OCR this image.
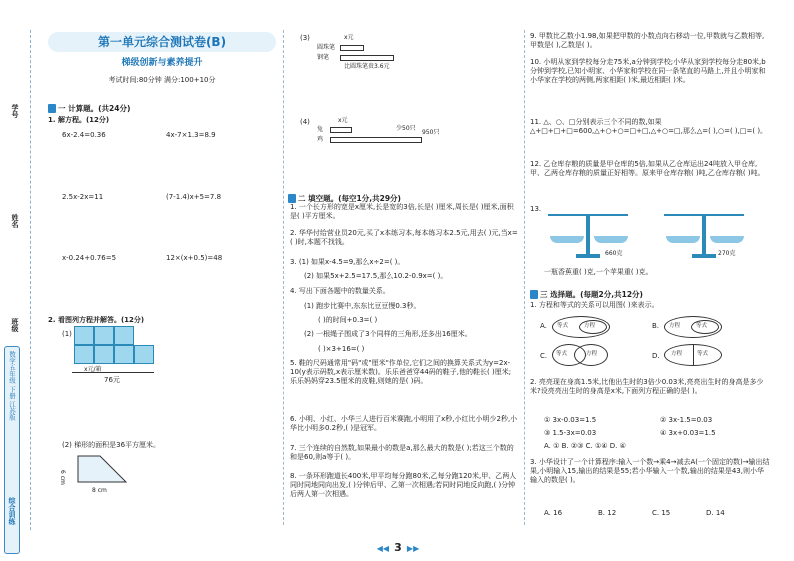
学号
姓名
班级
综合训练
数学五年级 下册 江苏版
第一单元综合测试卷(B)
梯级创新与素养提升
考试时间:80分钟 满分:100+10分
一 计算题。(共24分)
1. 解方程。(12分)
6x-2.4=0.36	4x-7×1.3=8.9
2.5x-2x=11	(7-1.4)x+5=7.8
x-0.24+0.76=5	12×(x+0.5)=48
2. 看图列方程并解答。(12分)
(1)
x元/箱
76元
(2) 梯形的面积是36平方厘米。
6 cm
8 cm
(3)	x元
圆珠笔
钢笔
比圆珠笔贵3.6元
(4)	x元
兔
鸡
少50只
950只
二 填空题。(每空1分,共29分)
1. 一个长方形的宽是x厘米,长是宽的3倍,长是( )厘米,周长是( )厘米,面积是( )平方厘米。
2. 华华付给营业员20元,买了x本练习本,每本练习本2.5元,用去( )元,当x=( )时,本题不找钱。
3. (1) 如果x-4.5=9,那么x÷2=( )。
(2) 如果5x+2.5=17.5,那么10.2-0.9x=( )。
4. 写出下面各题中的数量关系。
(1) 跑步比赛中,东东比豆豆慢0.3秒。
( )的时间+0.3=( )
(2) 一根绳子围成了3个同样的三角形,还多出16厘米。
( )×3+16=( )
5. 鞋的尺码通常用"码"或"厘米"作单位,它们之间的换算关系式为y=2x-10(y表示码数,x表示厘米数)。乐乐爸爸穿44码的鞋子,他的鞋长( )厘米;乐乐妈妈穿23.5厘米的皮鞋,则她的是( )码。
6. 小明、小红、小华三人进行百米赛跑,小明用了x秒,小红比小明少2秒,小华比小明多0.2秒,( )是冠军。
7. 三个连续的自然数,如果最小的数是a,那么最大的数是( );若这三个数的和是60,则a等于( )。
8. 一条环形跑道长400米,甲平均每分跑80米,乙每分跑120米,甲、乙两人同时同地同向出发,( )分钟后甲、乙第一次相遇;若同时同地反向跑,( )分钟后两人第一次相遇。
9. 甲数比乙数小1.98,如果把甲数的小数点向右移动一位,甲数就与乙数相等,甲数是( ),乙数是( )。
10. 小明从家到学校每分走75米,a分钟到学校;小华从家到学校每分走80米,b分钟到学校,已知小明家、小华家和学校在同一条笔直的马路上,并且小明家和小华家在学校的两侧,两家相距( )米,最近相距( )米。
11. △、○、□分别表示三个不同的数,如果△+□+□+□=600,△+○+○=□+□,△+○=□,那么△=( ),○=( ),□=( )。
12. 乙仓库存粮的质量是甲仓库的5倍,如果从乙仓库运出24吨放入甲仓库,甲、乙两仓库存粮的质量正好相等。原来甲仓库存粮( )吨,乙仓库存粮( )吨。
13.
660克	270克
一瓶香蕉重( )克,一个苹果重( )克。
三 选择题。(每题2分,共12分)
1. 方程和等式的关系可以用图( )来表示。
A. 等式	方程	B. 方程	等式
C. 等式	方程	D. 方程	等式
2. 亮亮现在身高1.5米,比他出生时的3倍少0.03米,亮亮出生时的身高是多少米?设亮亮出生时的身高是x米,下面列方程正确的是( )。
① 3x-0.03=1.5	② 3x-1.5=0.03
③ 1.5-3x=0.03	④ 3x+0.03=1.5
A. ① B. ②③ C. ①④ D. ④
3. 小华设计了一个计算程序:输入一个数→乘4→减去A(一个固定的数)→输出结果,小明输入15,输出的结果是55;若小华输入一个数,输出的结果是43,则小华输入的数是( )。
A. 16	B. 12	C. 15	D. 14
◀◀ 3 ▶▶
